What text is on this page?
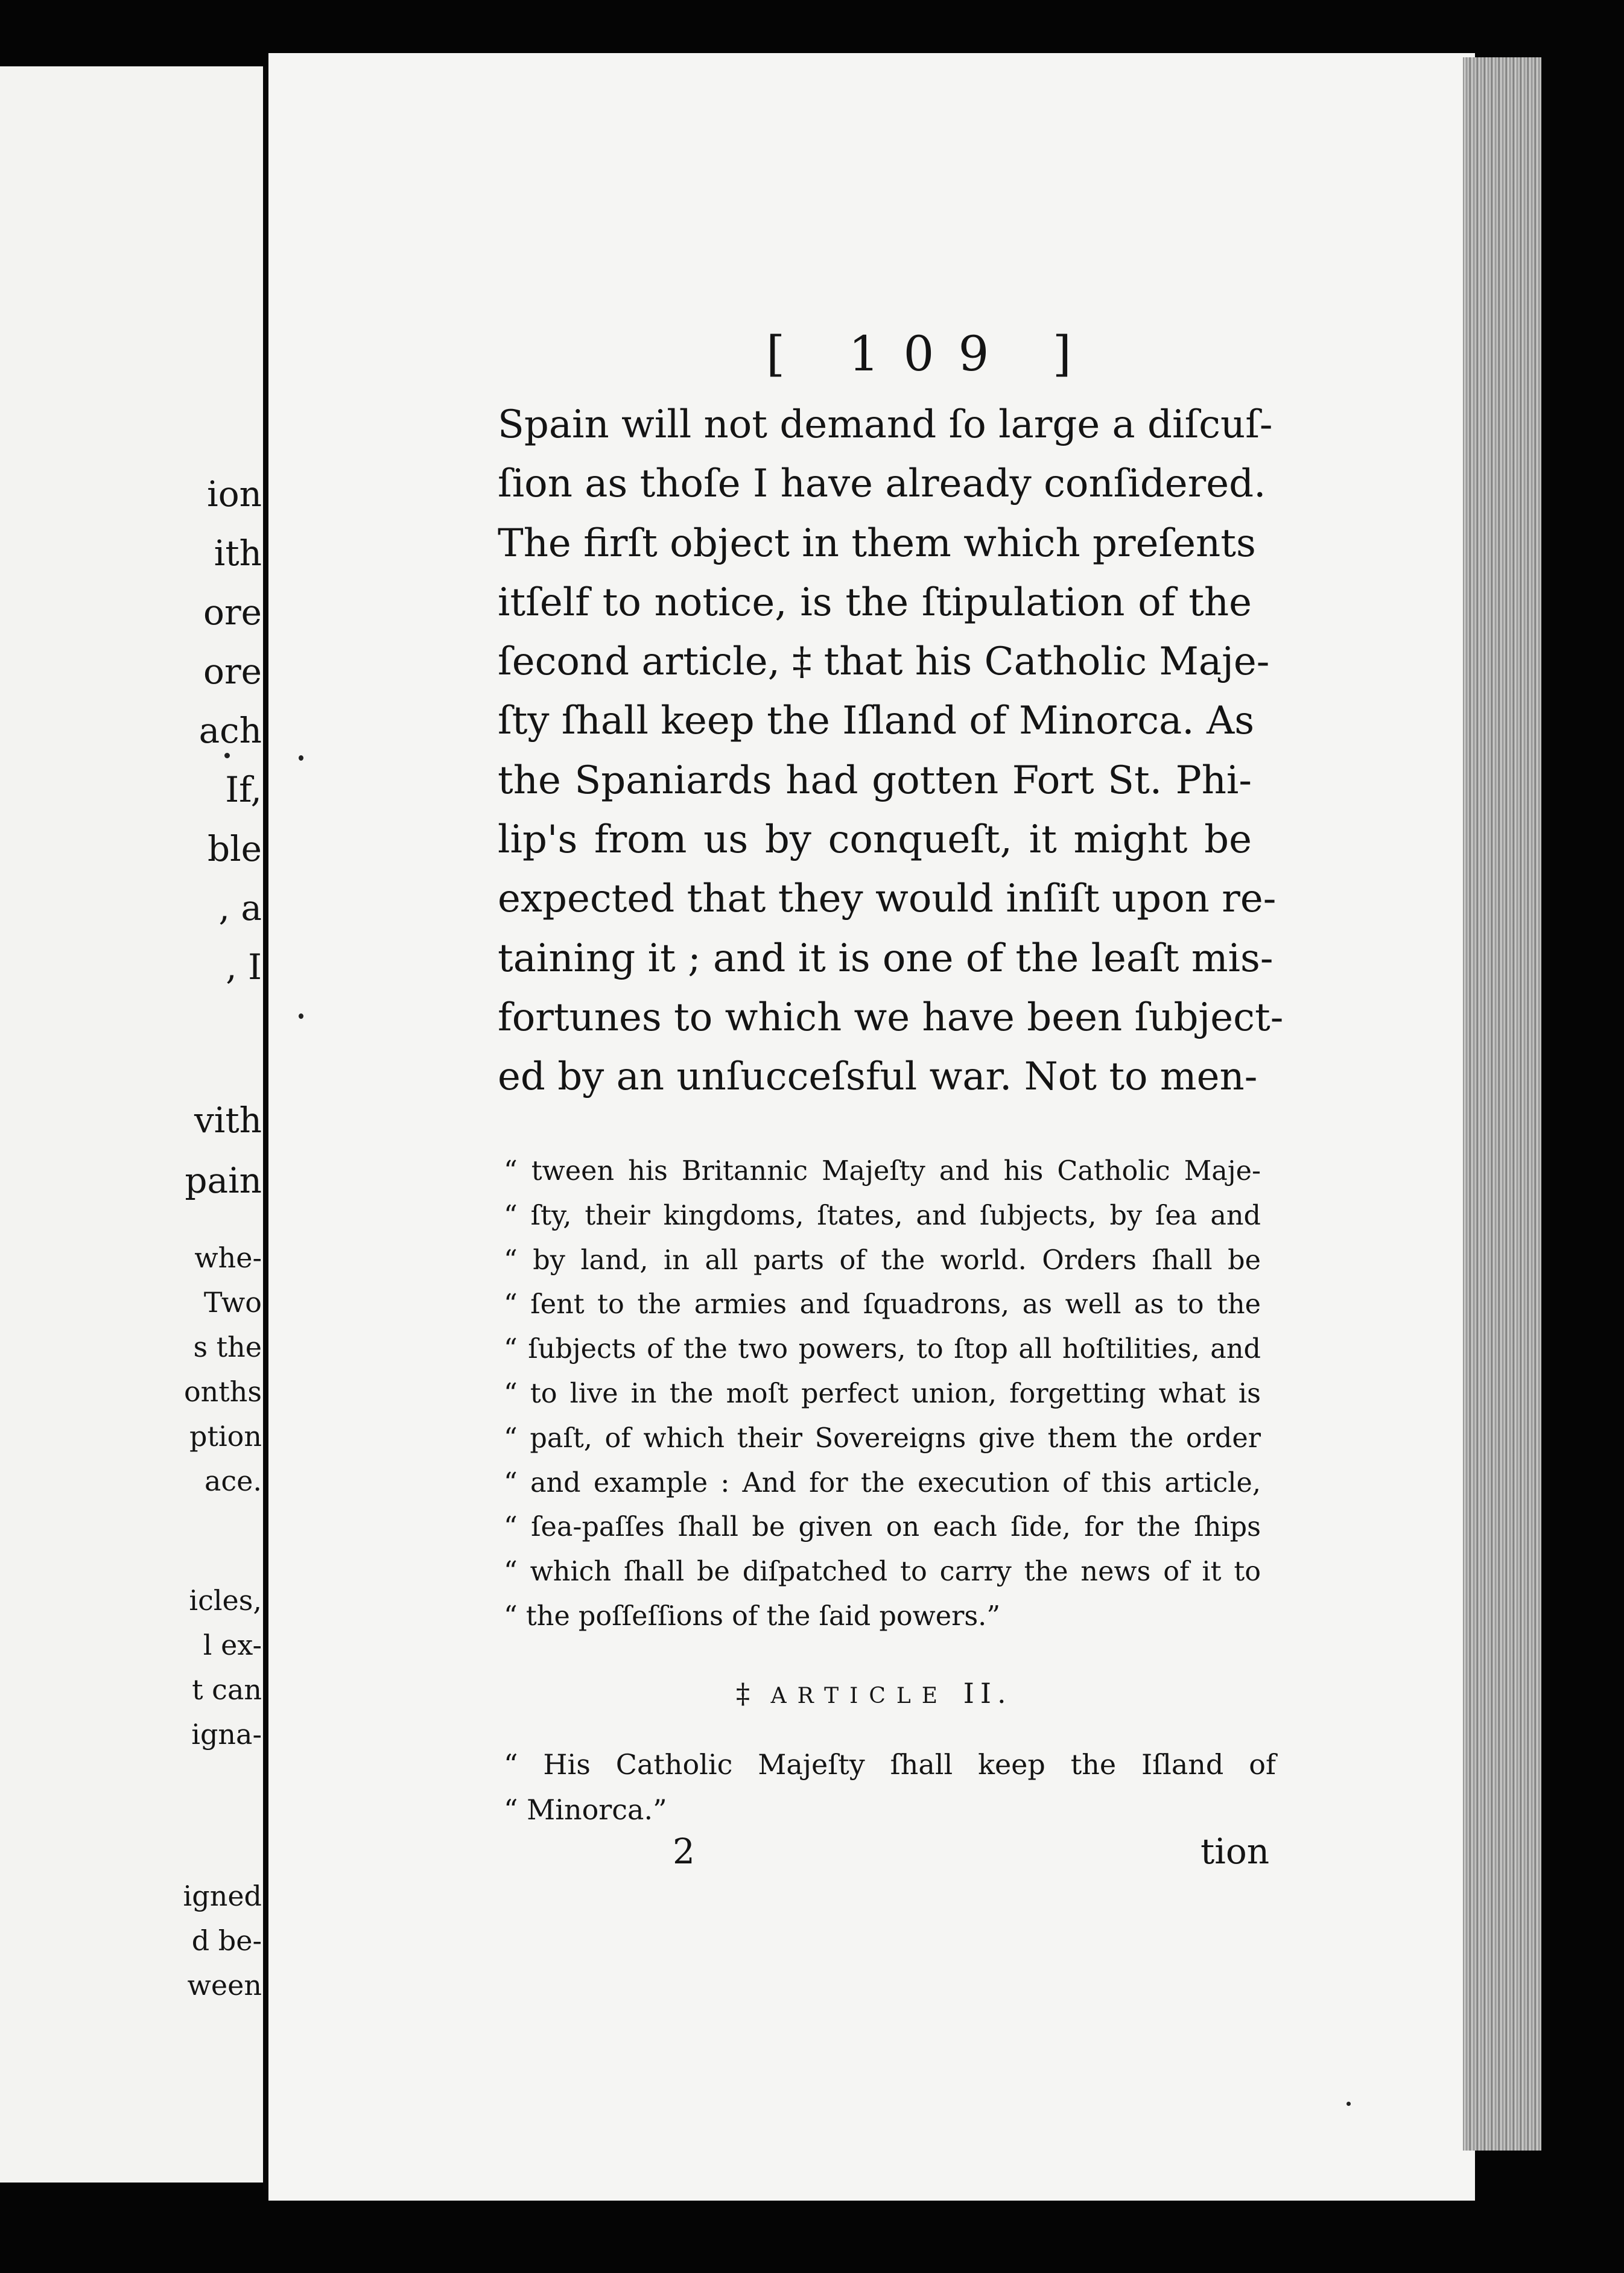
ion
ith
ore
ore
ach
If,
ble
, a
, I
vith
pain
whe-
Two
s the
onths
ption
ace.
icles,
l ex-
t can
igna-
igned
d be-
ween
[ 109 ]
Spain will not demand ſo large a diſcuſ-
ſion as thoſe I have already conſidered.
The firſt object in them which preſents
itſelf to notice, is the ſtipulation of the
ſecond article, ‡ that his Catholic Maje-
ſty ſhall keep the Iſland of Minorca. As
the Spaniards had gotten Fort St. Phi-
lip's from us by conqueſt, it might be
expected that they would inſiſt upon re-
taining it ; and it is one of the leaſt mis-
fortunes to which we have been ſubject-
ed by an unſucceſsful war. Not to men-
“ tween his Britannic Majeſty and his Catholic Maje-
“ ſty, their kingdoms, ſtates, and ſubjects, by ſea and
“ by land, in all parts of the world. Orders ſhall be
“ ſent to the armies and ſquadrons, as well as to the
“ ſubjects of the two powers, to ſtop all hoſtilities, and
“ to live in the moſt perfect union, forgetting what is
“ paſt, of which their Sovereigns give them the order
“ and example : And for the execution of this article,
“ ſea-paſſes ſhall be given on each ſide, for the ſhips
“ which ſhall be diſpatched to carry the news of it to
“ the poſſeſſions of the ſaid powers.”
‡ ARTICLE II.
“ His Catholic Majeſty ſhall keep the Iſland of
“ Minorca.”
2	tion
